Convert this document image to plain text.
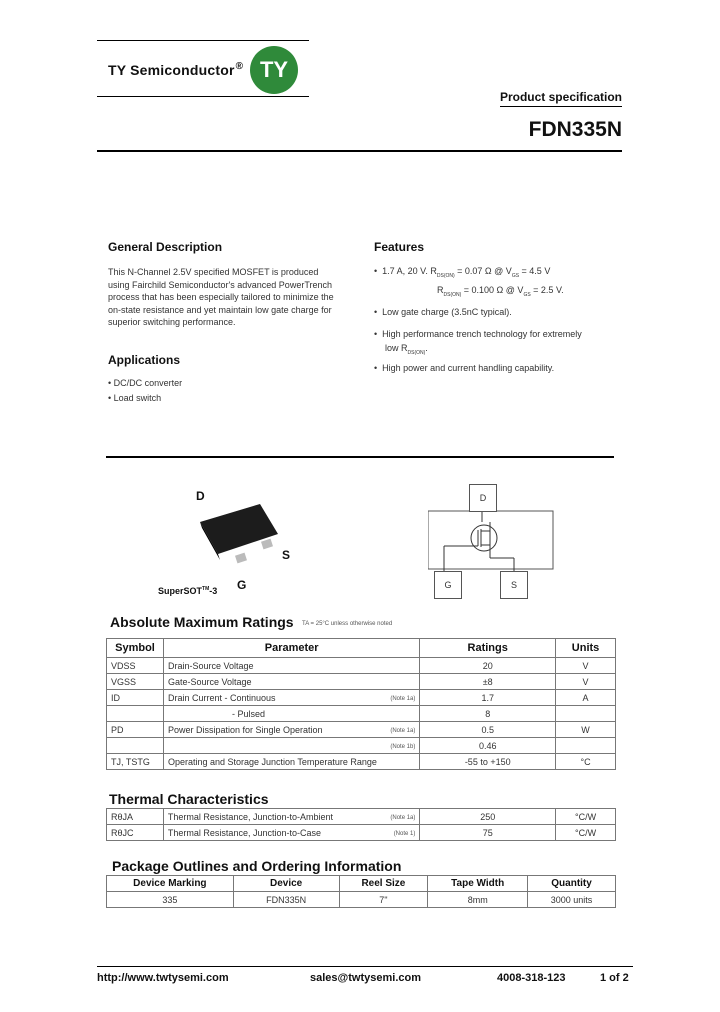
TY Semiconductor® TY
Product specification
FDN335N
General Description
This N-Channel 2.5V specified MOSFET is produced using Fairchild Semiconductor's advanced PowerTrench process that has been especially tailored to minimize the on-state resistance and yet maintain low gate charge for superior switching performance.
Applications
• DC/DC converter
• Load switch
Features
•  1.7 A, 20 V. $R_{DS(ON)} = 0.07$ Ω @ $V_{GS} = 4.5$ V
$R_{DS(ON)} = 0.100$ Ω @ $V_{GS} = 2.5$ V.
•  Low gate charge (3.5nC typical).
•  High performance trench technology for extremely
low $R_{DS(ON)}$.
•  High power and current handling capability.
D
S
G
SuperSOT™-3
D
G	S
Absolute Maximum Ratings TA = 25°C unless otherwise noted
Symbol	Parameter	Ratings	Units
VDSS	Drain-Source Voltage	20	V
VGSS	Gate-Source Voltage	±8	V
ID	Drain Current - Continuous (Note 1a)	1.7	A
	- Pulsed	8	
PD	Power Dissipation for Single Operation (Note 1a)	0.5	W

	(Note 1b)	0.46	
TJ, TSTG	Operating and Storage Junction Temperature Range	-55 to +150	°C
Thermal Characteristics
RθJA	Thermal Resistance, Junction-to-Ambient (Note 1a)	250	°C/W
RθJC	Thermal Resistance, Junction-to-Case (Note 1)	75	°C/W
Package Outlines and Ordering Information
Device Marking	Device	Reel Size	Tape Width	Quantity
335	FDN335N	7''	8mm	3000 units
http://www.twtysemi.com	sales@twtysemi.com	4008-318-123	1 of 2
